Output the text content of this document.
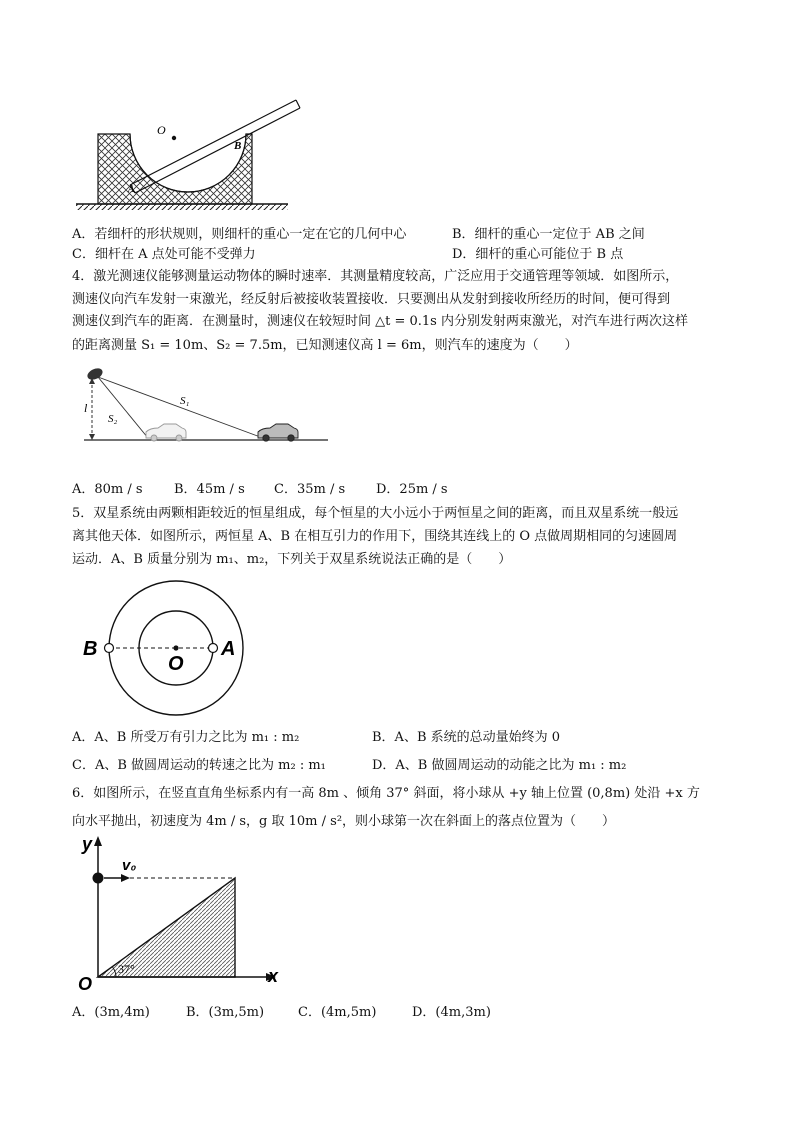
O
A
B
A．若细杆的形状规则，则细杆的重心一定在它的几何中心	B．细杆的重心一定位于 AB 之间
C．细杆在 A 点处可能不受弹力	D．细杆的重心可能位于 B 点
4．激光测速仪能够测量运动物体的瞬时速率．其测量精度较高，广泛应用于交通管理等领域．如图所示，
测速仪向汽车发射一束激光，经反射后被接收装置接收．只要测出从发射到接收所经历的时间，便可得到
测速仪到汽车的距离．在测量时，测速仪在较短时间 △t = 0.1s 内分别发射两束激光，对汽车进行两次这样
的距离测量 S₁ = 10m、S₂ = 7.5m，已知测速仪高 l = 6m，则汽车的速度为（　　）
l
S₂
S₁
A．80m / s B．45m / s C．35m / s D．25m / s
5．双星系统由两颗相距较近的恒星组成，每个恒星的大小远小于两恒星之间的距离，而且双星系统一般远
离其他天体．如图所示，两恒星 A、B 在相互引力的作用下，围绕其连线上的 O 点做周期相同的匀速圆周
运动．A、B 质量分别为 m₁、m₂，下列关于双星系统说法正确的是（　　）
B	A
O
A．A、B 所受万有引力之比为 m₁ : m₂	B．A、B 系统的总动量始终为 0
C．A、B 做圆周运动的转速之比为 m₂ : m₁	D．A、B 做圆周运动的动能之比为 m₁ : m₂
6．如图所示，在竖直直角坐标系内有一高 8m 、倾角 37° 斜面，将小球从 +y 轴上位置 (0,8m) 处沿 +x 方
向水平抛出，初速度为 4m / s，g 取 10m / s²，则小球第一次在斜面上的落点位置为（　　）
y
x
O
v₀
37°
A．(3m,4m)	B．(3m,5m)	C．(4m,5m)	D．(4m,3m)
